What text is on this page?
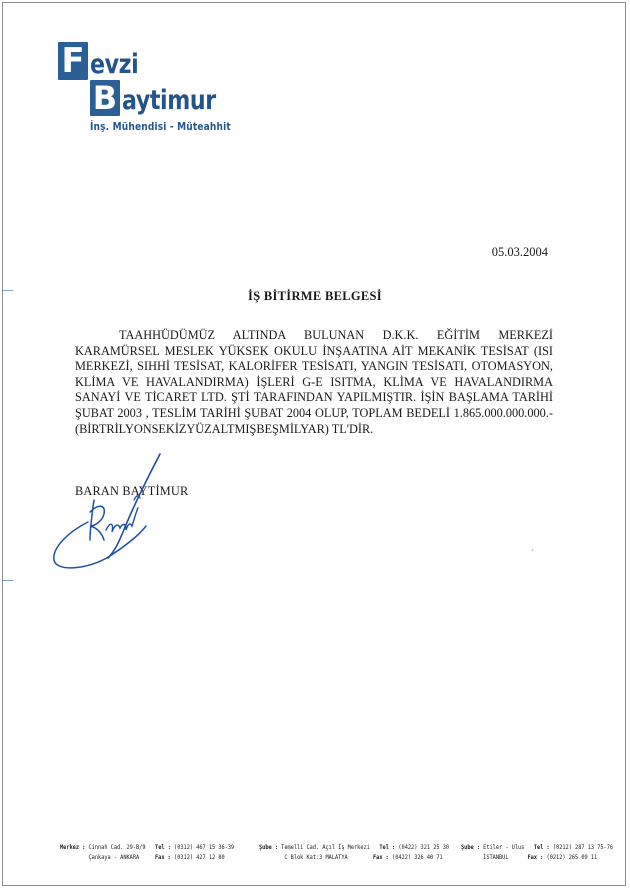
F evzi
B aytimur
İnş. Mühendisi - Müteahhit
05.03.2004
İŞ BİTİRME BELGESİ
TAAHHÜDÜMÜZ ALTINDA BULUNAN D.K.K. EĞİTİM MERKEZİ KARAMÜRSEL MESLEK YÜKSEK OKULU İNŞAATINA AİT MEKANİK TESİSAT (ISI MERKEZİ, SIHHİ TESİSAT, KALORİFER TESİSATI, YANGIN TESİSATI, OTOMASYON, KLİMA VE HAVALANDIRMA) İŞLERİ G-E ISITMA, KLİMA VE HAVALANDIRMA SANAYİ VE TİCARET LTD. ŞTİ TARAFINDAN YAPILMIŞTIR. İŞİN BAŞLAMA TARİHİ ŞUBAT 2003 , TESLİM TARİHİ ŞUBAT 2004 OLUP, TOPLAM BEDELİ 1.865.000.000.000.- (BİRTRİLYONSEKİZYÜZALTMIŞBEŞMİLYAR) TL'DİR.
BARAN BAYTİMUR
¸
Merkez : Cinnah Cad. 29-B/9 Tel : (0312) 467 15 36-39
Çankaya - ANKARA	Fax : (0312) 427 12 80
Şube : Temelli Cad. Açıl İş Merkezi Tel : (0422) 321 25 30
C Blok Kat:3 MALATYA	Fax : (0422) 326 40 71
Şube : Etiler - Ulus Tel : (0212) 287 13 75-76
İSTANBUL	Fax : (0212) 265 09 11
